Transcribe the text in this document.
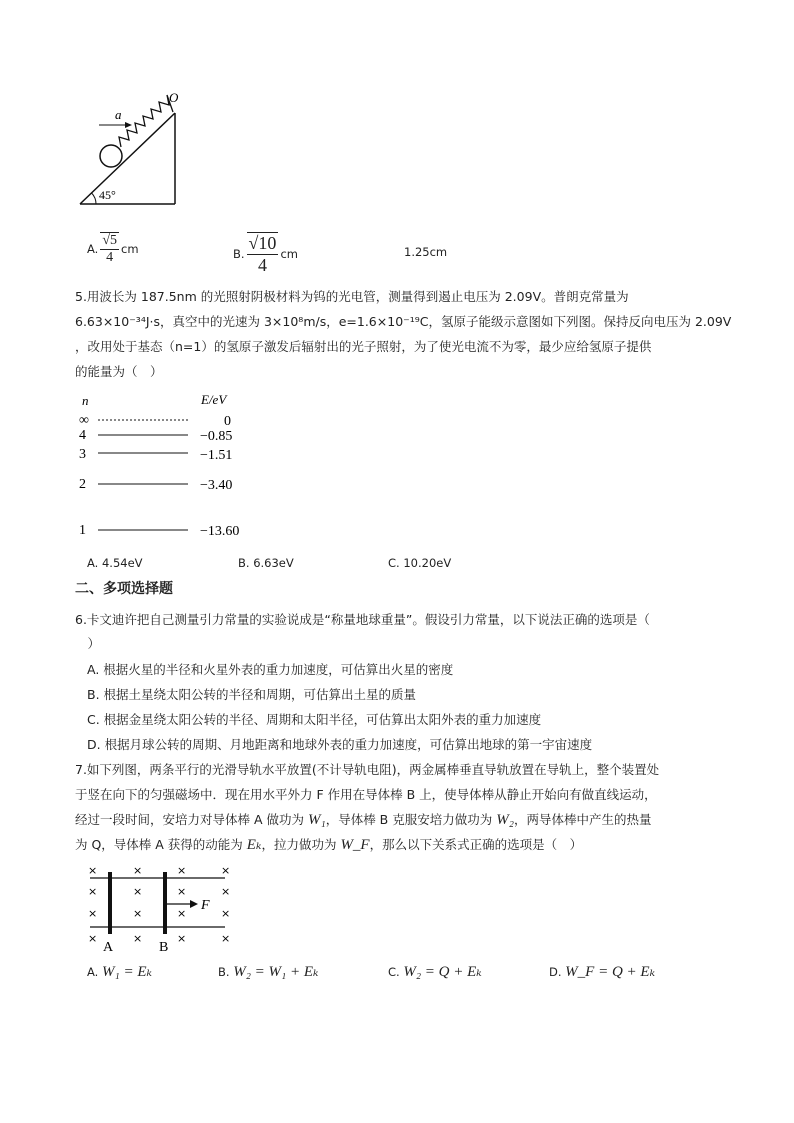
a
O
45°
A. $\frac{√5}{4}$ cm	B. $\frac{√10}{4}$ cm	1.25cm
5.用波长为 187.5nm 的光照射阴极材料为钨的光电管，测量得到遏止电压为 2.09V。普朗克常量为
6.63×10⁻³⁴J·s，真空中的光速为 3×10⁸m/s，e=1.6×10⁻¹⁹C，氢原子能级示意图如下列图。保持反向电压为 2.09V
，改用处于基态（n=1）的氢原子激发后辐射出的光子照射，为了使光电流不为零，最少应给氢原子提供
的能量为（　）
n	E/eV
∞	0
4	−0.85
3	−1.51
2	−3.40
1	−13.60
A. 4.54eV	B. 6.63eV	C. 10.20eV
二、多项选择题
6.卡文迪许把自己测量引力常量的实验说成是“称量地球重量”。假设引力常量，以下说法正确的选项是（
　）
A. 根据火星的半径和火星外表的重力加速度，可估算出火星的密度
B. 根据土星绕太阳公转的半径和周期，可估算出土星的质量
C. 根据金星绕太阳公转的半径、周期和太阳半径，可估算出太阳外表的重力加速度
D. 根据月球公转的周期、月地距离和地球外表的重力加速度，可估算出地球的第一宇宙速度
7.如下列图，两条平行的光滑导轨水平放置(不计导轨电阻)，两金属棒垂直导轨放置在导轨上，整个装置处
于竖在向下的匀强磁场中．现在用水平外力 F 作用在导体棒 B 上，使导体棒从静止开始向有做直线运动，
经过一段时间，安培力对导体棒 A 做功为 W₁，导体棒 B 克服安培力做功为 W₂，两导体棒中产生的热量
为 Q，导体棒 A 获得的动能为 Eₖ，拉力做功为 W_F，那么以下关系式正确的选项是（　）
F
A	B
×	×	×	×
×	×	×	×
×	×	×	×
×	×	×	×
A. W₁ = Eₖ	B. W₂ = W₁ + Eₖ	C. W₂ = Q + Eₖ	D. W_F = Q + Eₖ
